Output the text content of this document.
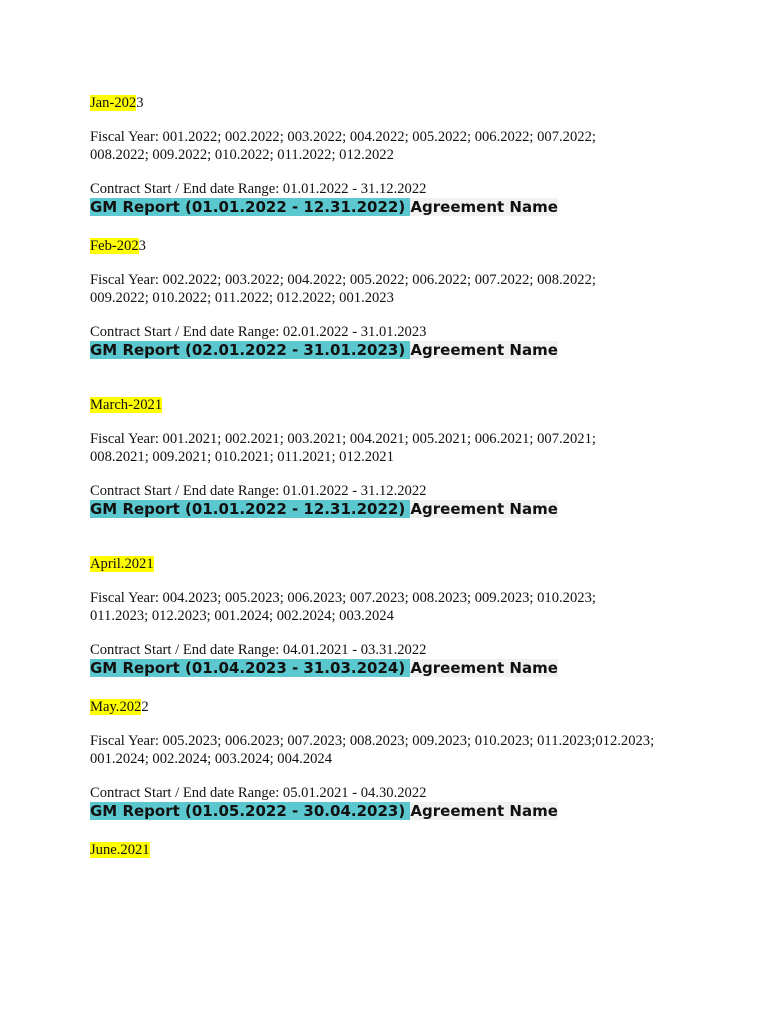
Jan-2023
Fiscal Year: 001.2022; 002.2022; 003.2022; 004.2022; 005.2022; 006.2022; 007.2022;
008.2022; 009.2022; 010.2022; 011.2022; 012.2022
Contract Start / End date Range: 01.01.2022 - 31.12.2022
GM Report (01.01.2022 - 12.31.2022) Agreement Name
Feb-2023
Fiscal Year: 002.2022; 003.2022; 004.2022; 005.2022; 006.2022; 007.2022; 008.2022;
009.2022; 010.2022; 011.2022; 012.2022; 001.2023
Contract Start / End date Range: 02.01.2022 - 31.01.2023
GM Report (02.01.2022 - 31.01.2023) Agreement Name
March-2021
Fiscal Year: 001.2021; 002.2021; 003.2021; 004.2021; 005.2021; 006.2021; 007.2021;
008.2021; 009.2021; 010.2021; 011.2021; 012.2021
Contract Start / End date Range: 01.01.2022 - 31.12.2022
GM Report (01.01.2022 - 12.31.2022) Agreement Name
April.2021
Fiscal Year: 004.2023; 005.2023; 006.2023; 007.2023; 008.2023; 009.2023; 010.2023;
011.2023; 012.2023; 001.2024; 002.2024; 003.2024
Contract Start / End date Range: 04.01.2021 - 03.31.2022
GM Report (01.04.2023 - 31.03.2024) Agreement Name
May.2022
Fiscal Year: 005.2023; 006.2023; 007.2023; 008.2023; 009.2023; 010.2023; 011.2023;012.2023;
001.2024; 002.2024; 003.2024; 004.2024
Contract Start / End date Range: 05.01.2021 - 04.30.2022
GM Report (01.05.2022 - 30.04.2023) Agreement Name
June.2021
